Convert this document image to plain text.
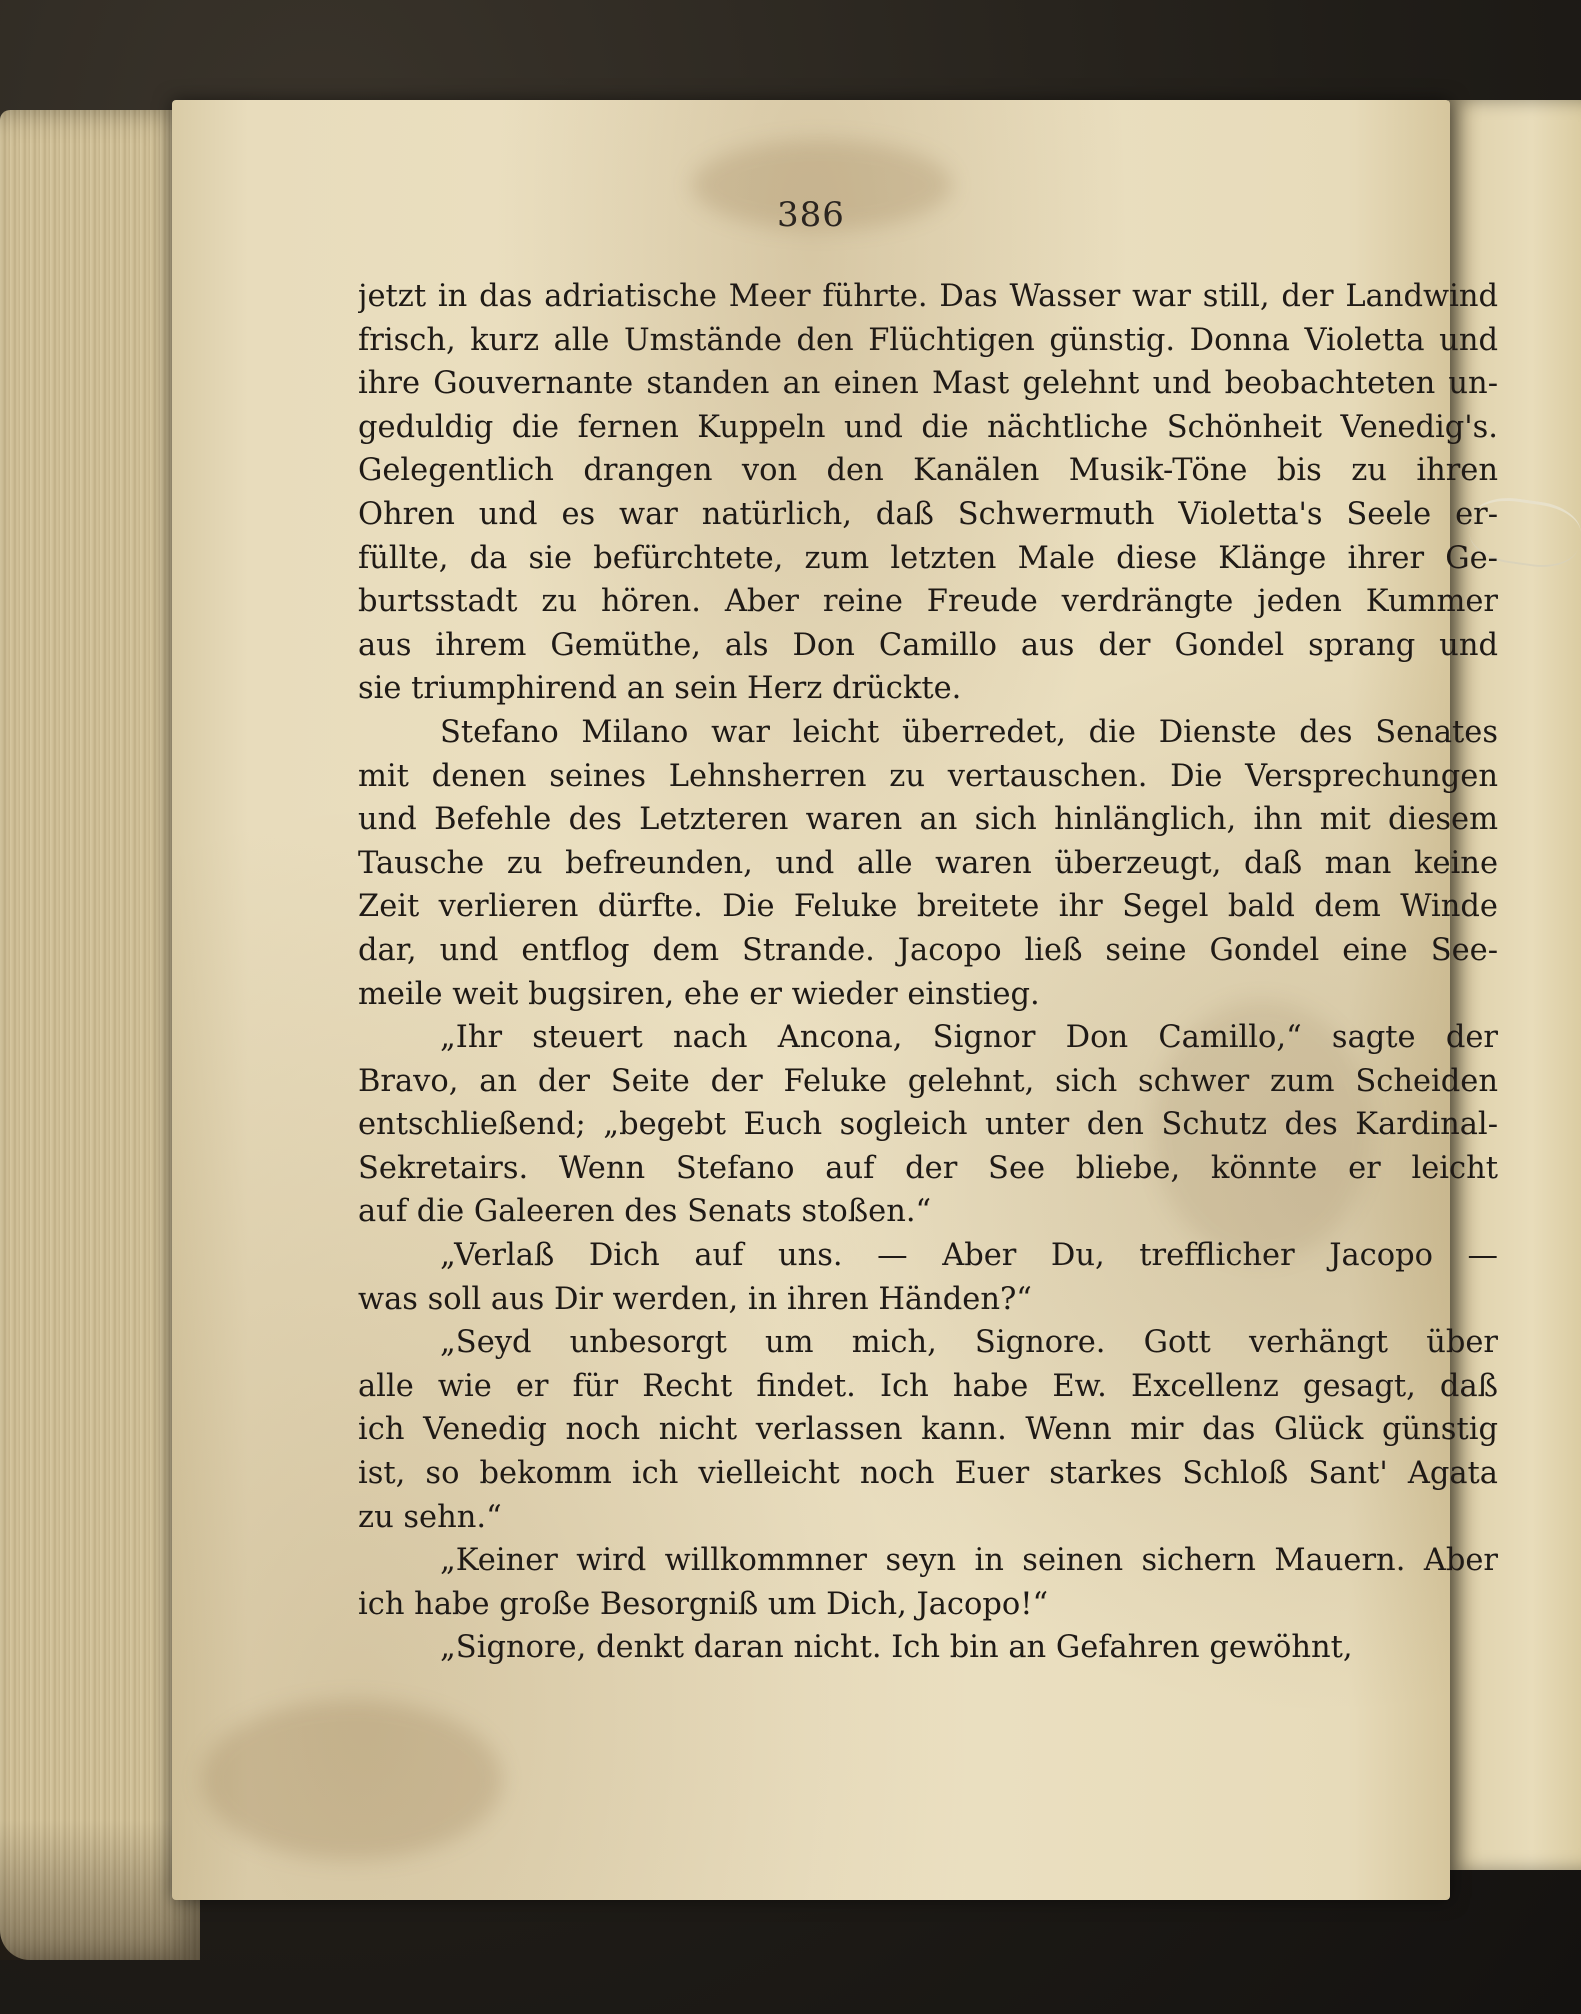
386
jetzt in das adriatische Meer führte. Das Wasser war still, der Landwind
frisch, kurz alle Umstände den Flüchtigen günstig. Donna Violetta und
ihre Gouvernante standen an einen Mast gelehnt und beobachteten un-
geduldig die fernen Kuppeln und die nächtliche Schönheit Venedig's.
Gelegentlich drangen von den Kanälen Musik-Töne bis zu ihren
Ohren und es war natürlich, daß Schwermuth Violetta's Seele er-
füllte, da sie befürchtete, zum letzten Male diese Klänge ihrer Ge-
burtsstadt zu hören. Aber reine Freude verdrängte jeden Kummer
aus ihrem Gemüthe, als Don Camillo aus der Gondel sprang und
sie triumphirend an sein Herz drückte.
Stefano Milano war leicht überredet, die Dienste des Senates
mit denen seines Lehnsherren zu vertauschen. Die Versprechungen
und Befehle des Letzteren waren an sich hinlänglich, ihn mit diesem
Tausche zu befreunden, und alle waren überzeugt, daß man keine
Zeit verlieren dürfte. Die Feluke breitete ihr Segel bald dem Winde
dar, und entflog dem Strande. Jacopo ließ seine Gondel eine See-
meile weit bugsiren, ehe er wieder einstieg.
„Ihr steuert nach Ancona, Signor Don Camillo,“ sagte der
Bravo, an der Seite der Feluke gelehnt, sich schwer zum Scheiden
entschließend; „begebt Euch sogleich unter den Schutz des Kardinal-
Sekretairs. Wenn Stefano auf der See bliebe, könnte er leicht
auf die Galeeren des Senats stoßen.“
„Verlaß Dich auf uns. — Aber Du, trefflicher Jacopo —
was soll aus Dir werden, in ihren Händen?“
„Seyd unbesorgt um mich, Signore. Gott verhängt über
alle wie er für Recht findet. Ich habe Ew. Excellenz gesagt, daß
ich Venedig noch nicht verlassen kann. Wenn mir das Glück günstig
ist, so bekomm ich vielleicht noch Euer starkes Schloß Sant' Agata
zu sehn.“
„Keiner wird willkommner seyn in seinen sichern Mauern. Aber
ich habe große Besorgniß um Dich, Jacopo!“
„Signore, denkt daran nicht. Ich bin an Gefahren gewöhnt,
